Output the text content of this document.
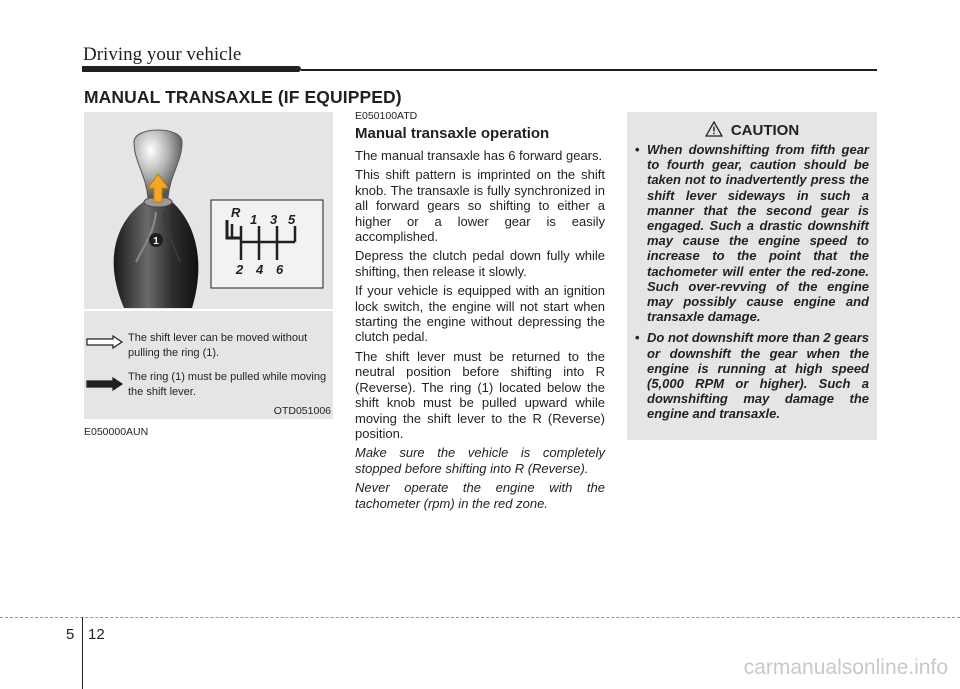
Driving your vehicle
MANUAL TRANSAXLE (IF EQUIPPED)
1
R 1 3 5
2 4 6
The shift lever can be moved without pulling the ring (1).
The ring (1) must be pulled while moving the shift lever.
OTD051006
E050000AUN
E050100ATD
Manual transaxle operation

The manual transaxle has 6 forward gears.

This shift pattern is imprinted on the shift knob. The transaxle is fully synchronized in all forward gears so shifting to either a higher or a lower gear is easily accomplished.

Depress the clutch pedal down fully while shifting, then release it slowly.

If your vehicle is equipped with an ignition lock switch, the engine will not start when starting the engine without depressing the clutch pedal.

The shift lever must be returned to the neutral position before shifting into R (Reverse). The ring (1) located below the shift knob must be pulled upward while moving the shift lever to the R (Reverse) position.

Make sure the vehicle is completely stopped before shifting into R (Reverse).

Never operate the engine with the tachometer (rpm) in the red zone.

CAUTION
• When downshifting from fifth gear to fourth gear, caution should be taken not to inadvertently press the shift lever sideways in such a manner that the second gear is engaged. Such a drastic downshift may cause the engine speed to increase to the point that the tachometer will enter the red-zone. Such over-revving of the engine may possibly cause engine and transaxle damage.
• Do not downshift more than 2 gears or downshift the gear when the engine is running at high speed (5,000 RPM or higher). Such a downshifting may damage the engine and transaxle.
5 12
carmanualsonline.info
